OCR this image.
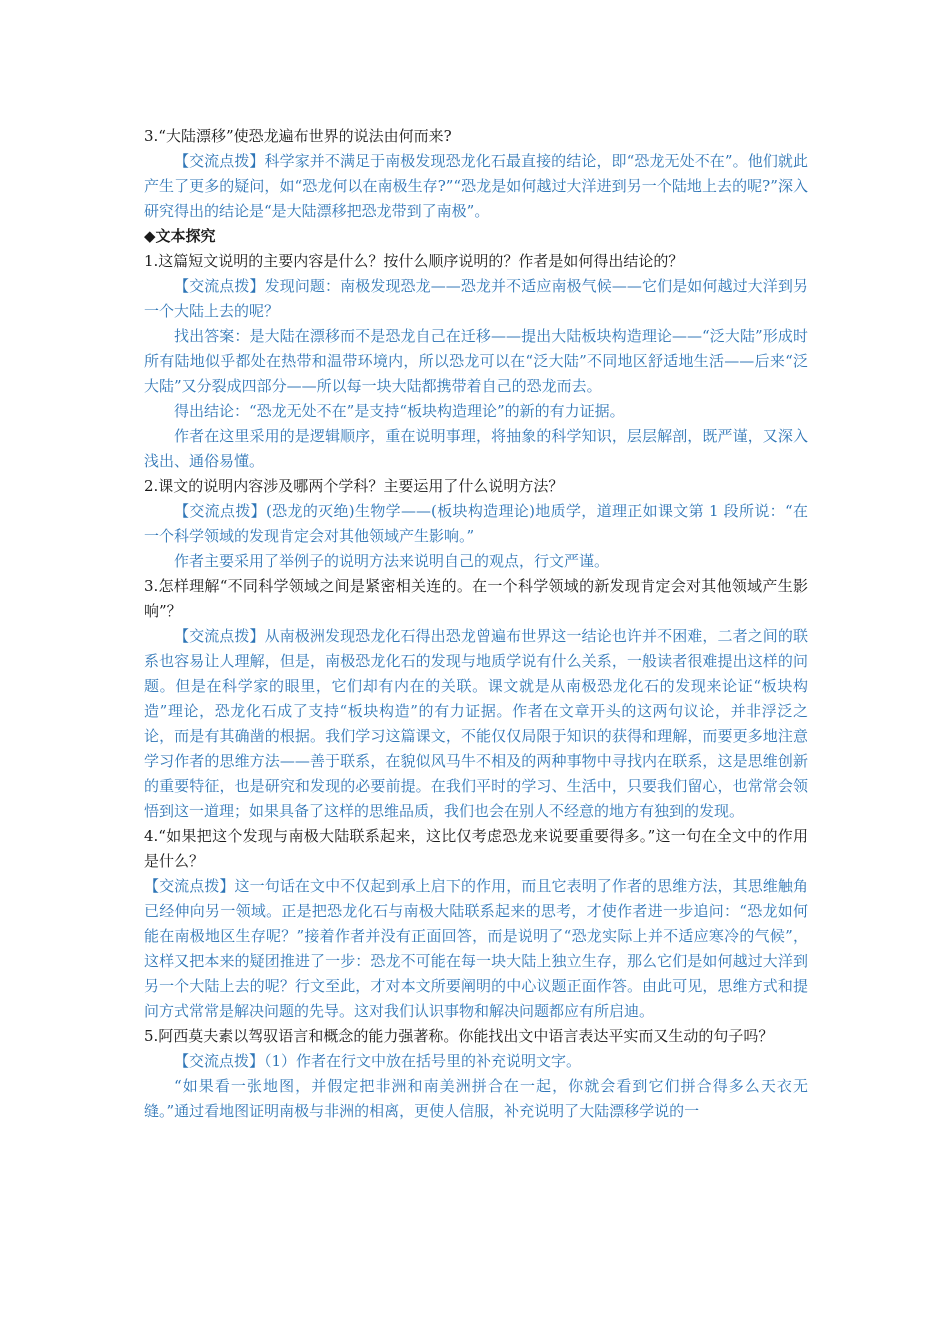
3.“大陆漂移”使恐龙遍布世界的说法由何而来?

【交流点拨】科学家并不满足于南极发现恐龙化石最直接的结论，即“恐龙无处不在”。他们就此产生了更多的疑问，如“恐龙何以在南极生存?”“恐龙是如何越过大洋进到另一个陆地上去的呢?”深入研究得出的结论是“是大陆漂移把恐龙带到了南极”。

◆文本探究

1.这篇短文说明的主要内容是什么？按什么顺序说明的？作者是如何得出结论的？

【交流点拨】发现问题：南极发现恐龙——恐龙并不适应南极气候——它们是如何越过大洋到另一个大陆上去的呢？

找出答案：是大陆在漂移而不是恐龙自己在迁移——提出大陆板块构造理论——“泛大陆”形成时所有陆地似乎都处在热带和温带环境内，所以恐龙可以在“泛大陆”不同地区舒适地生活——后来“泛大陆”又分裂成四部分——所以每一块大陆都携带着自己的恐龙而去。

得出结论：“恐龙无处不在”是支持“板块构造理论”的新的有力证据。

作者在这里采用的是逻辑顺序，重在说明事理，将抽象的科学知识，层层解剖，既严谨，又深入浅出、通俗易懂。

2.课文的说明内容涉及哪两个学科？主要运用了什么说明方法？

【交流点拨】(恐龙的灭绝)生物学——(板块构造理论)地质学，道理正如课文第 1 段所说：“在一个科学领域的发现肯定会对其他领域产生影响。”

作者主要采用了举例子的说明方法来说明自己的观点，行文严谨。

3.怎样理解“不同科学领域之间是紧密相关连的。在一个科学领域的新发现肯定会对其他领域产生影响”？

【交流点拨】从南极洲发现恐龙化石得出恐龙曾遍布世界这一结论也许并不困难，二者之间的联系也容易让人理解，但是，南极恐龙化石的发现与地质学说有什么关系，一般读者很难提出这样的问题。但是在科学家的眼里，它们却有内在的关联。课文就是从南极恐龙化石的发现来论证“板块构造”理论，恐龙化石成了支持“板块构造”的有力证据。作者在文章开头的这两句议论，并非浮泛之论，而是有其确凿的根据。我们学习这篇课文，不能仅仅局限于知识的获得和理解，而要更多地注意学习作者的思维方法——善于联系，在貌似风马牛不相及的两种事物中寻找内在联系，这是思维创新的重要特征，也是研究和发现的必要前提。在我们平时的学习、生活中，只要我们留心，也常常会领悟到这一道理；如果具备了这样的思维品质，我们也会在别人不经意的地方有独到的发现。

4.“如果把这个发现与南极大陆联系起来，这比仅考虑恐龙来说要重要得多。”这一句在全文中的作用是什么？

【交流点拨】这一句话在文中不仅起到承上启下的作用，而且它表明了作者的思维方法，其思维触角已经伸向另一领域。正是把恐龙化石与南极大陆联系起来的思考，才使作者进一步追问：“恐龙如何能在南极地区生存呢？”接着作者并没有正面回答，而是说明了“恐龙实际上并不适应寒冷的气候”，这样又把本来的疑团推进了一步：恐龙不可能在每一块大陆上独立生存，那么它们是如何越过大洋到另一个大陆上去的呢？行文至此，才对本文所要阐明的中心议题正面作答。由此可见，思维方式和提问方式常常是解决问题的先导。这对我们认识事物和解决问题都应有所启迪。

5.阿西莫夫素以驾驭语言和概念的能力强著称。你能找出文中语言表达平实而又生动的句子吗？

【交流点拨】（1）作者在行文中放在括号里的补充说明文字。

“如果看一张地图，并假定把非洲和南美洲拼合在一起，你就会看到它们拼合得多么天衣无缝。”通过看地图证明南极与非洲的相离，更使人信服，补充说明了大陆漂移学说的一
